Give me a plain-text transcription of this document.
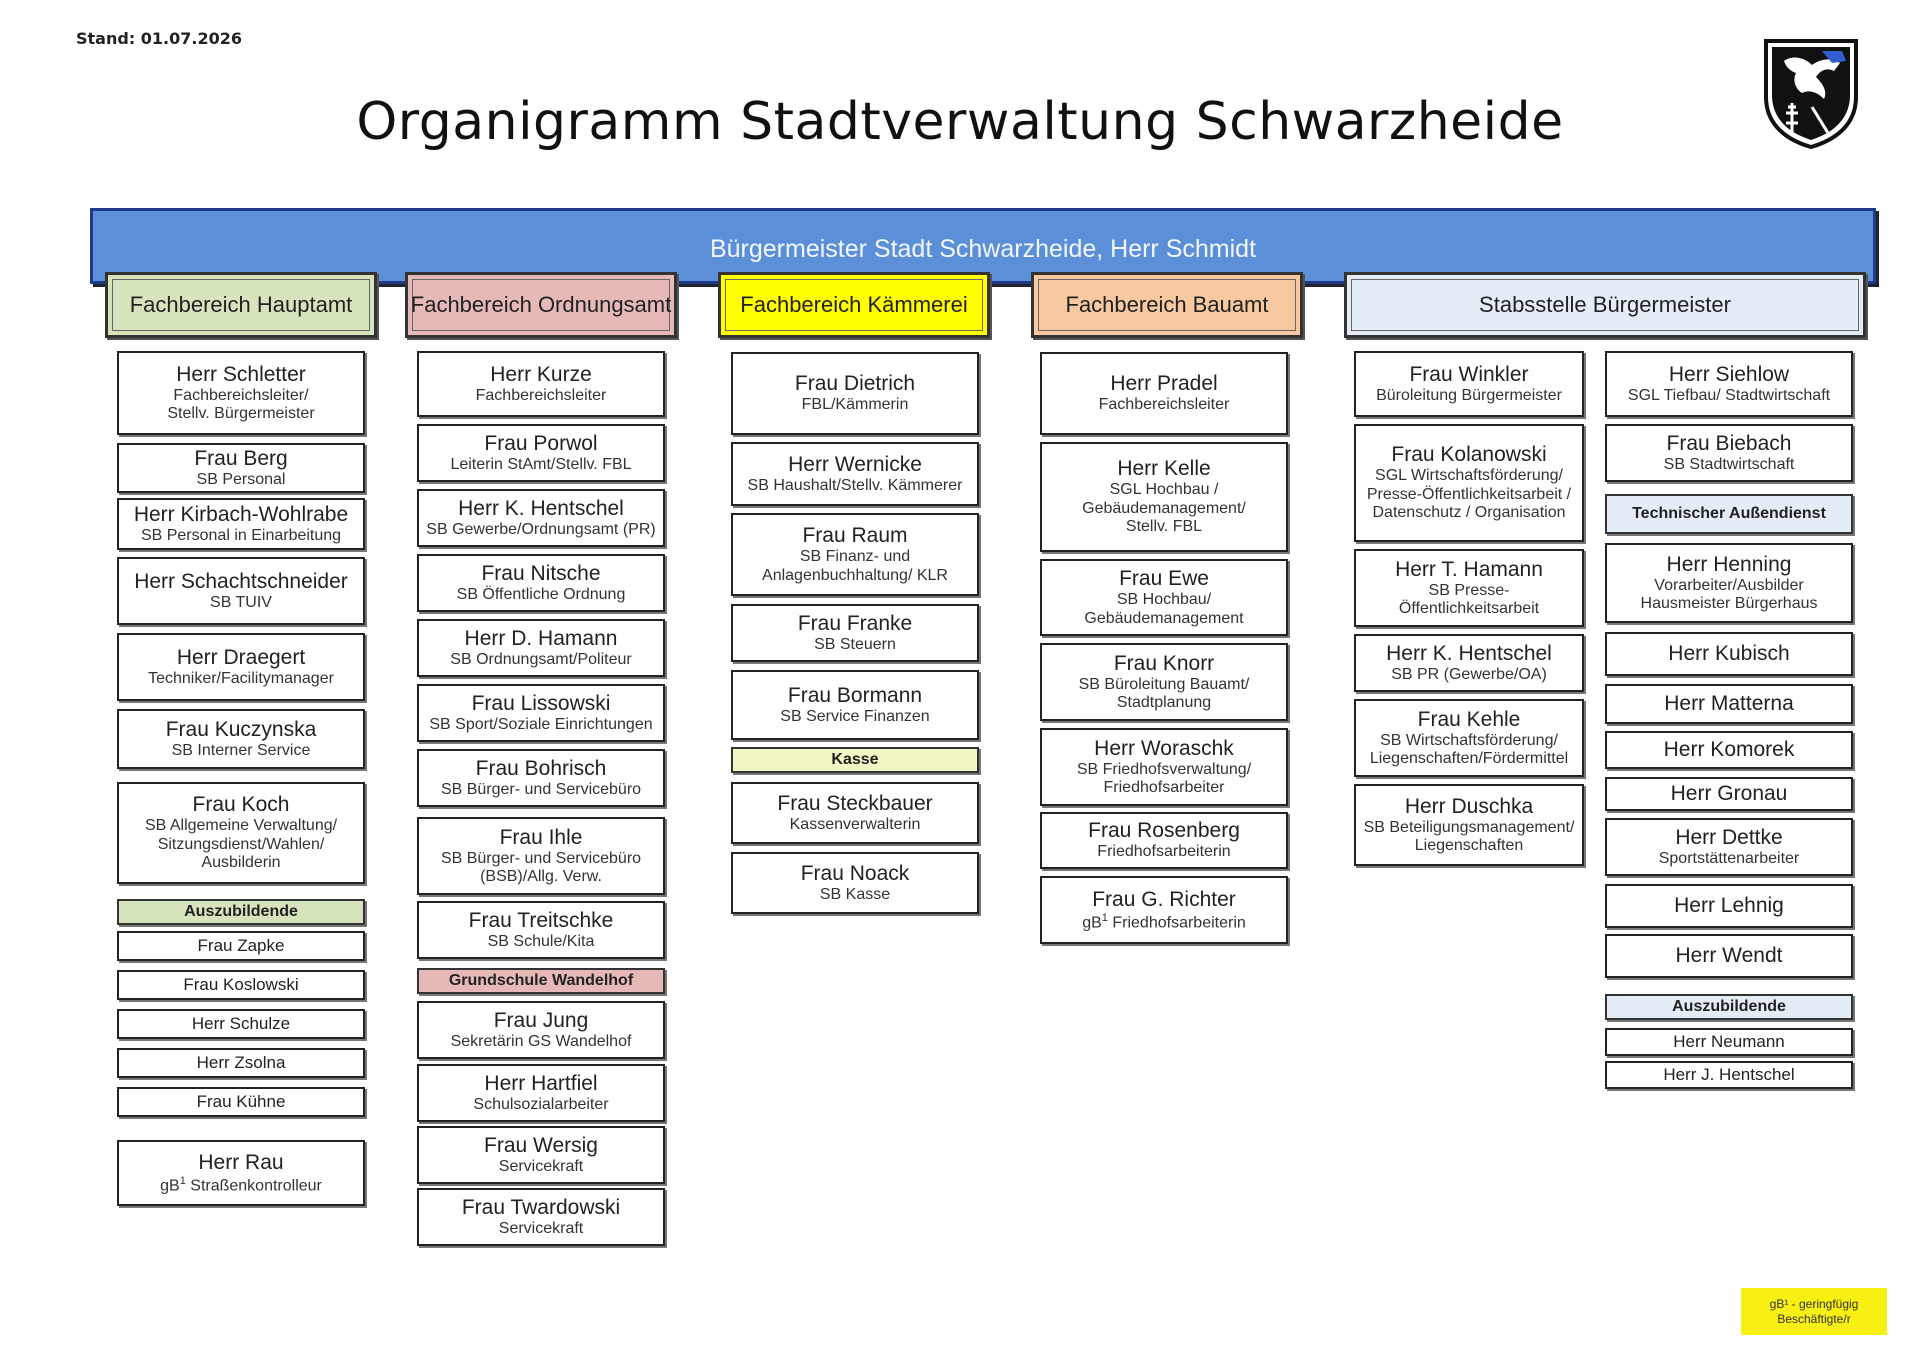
Stand: 01.07.2026
Organigramm Stadtverwaltung Schwarzheide
Bürgermeister Stadt Schwarzheide, Herr Schmidt
Fachbereich Hauptamt	Fachbereich Ordnungsamt	Fachbereich Kämmerei	Fachbereich Bauamt	Stabsstelle Bürgermeister
Herr Schletter
Fachbereichsleiter/
Stellv. Bürgermeister
Frau Berg
SB Personal
Herr Kirbach-Wohlrabe
SB Personal in Einarbeitung
Herr Schachtschneider
SB TUIV
Herr Draegert
Techniker/Facilitymanager
Frau Kuczynska
SB Interner Service
Frau Koch
SB Allgemeine Verwaltung/
Sitzungsdienst/Wahlen/
Ausbilderin
Auszubildende
Frau Zapke
Frau Koslowski
Herr Schulze
Herr Zsolna
Frau Kühne
Herr Rau
$gB^1$ Straßenkontrolleur
Herr Kurze
Fachbereichsleiter
Frau Porwol
Leiterin StAmt/Stellv. FBL
Herr K. Hentschel
SB Gewerbe/Ordnungsamt (PR)
Frau Nitsche
SB Öffentliche Ordnung
Herr D. Hamann
SB Ordnungsamt/Politeur
Frau Lissowski
SB Sport/Soziale Einrichtungen
Frau Bohrisch
SB Bürger- und Servicebüro
Frau Ihle
SB Bürger- und Servicebüro
(BSB)/Allg. Verw.
Frau Treitschke
SB Schule/Kita
Grundschule Wandelhof
Frau Jung
Sekretärin GS Wandelhof
Herr Hartfiel
Schulsozialarbeiter
Frau Wersig
Servicekraft
Frau Twardowski
Servicekraft
Frau Dietrich
FBL/Kämmerin
Herr Wernicke
SB Haushalt/Stellv. Kämmerer
Frau Raum
SB Finanz- und
Anlagenbuchhaltung/ KLR
Frau Franke
SB Steuern
Frau Bormann
SB Service Finanzen
Kasse
Frau Steckbauer
Kassenverwalterin
Frau Noack
SB Kasse
Herr Pradel
Fachbereichsleiter
Herr Kelle
SGL Hochbau /
Gebäudemanagement/
Stellv. FBL
Frau Ewe
SB Hochbau/
Gebäudemanagement
Frau Knorr
SB Büroleitung Bauamt/
Stadtplanung
Herr Woraschk
SB Friedhofsverwaltung/
Friedhofsarbeiter
Frau Rosenberg
Friedhofsarbeiterin
Frau G. Richter
$gB^1$ Friedhofsarbeiterin
Frau Winkler
Büroleitung Bürgermeister
Frau Kolanowski
SGL Wirtschaftsförderung/
Presse-Öffentlichkeitsarbeit /
Datenschutz / Organisation
Herr T. Hamann
SB Presse-
Öffentlichkeitsarbeit
Herr K. Hentschel
SB PR (Gewerbe/OA)
Frau Kehle
SB Wirtschaftsförderung/
Liegenschaften/Fördermittel
Herr Duschka
SB Beteiligungsmanagement/
Liegenschaften
Herr Siehlow
SGL Tiefbau/ Stadtwirtschaft
Frau Biebach
SB Stadtwirtschaft
Technischer Außendienst
Herr Henning
Vorarbeiter/Ausbilder
Hausmeister Bürgerhaus
Herr Kubisch
Herr Matterna
Herr Komorek
Herr Gronau
Herr Dettke
Sportstättenarbeiter
Herr Lehnig
Herr Wendt
Auszubildende
Herr Neumann
Herr J. Hentschel
gB¹ - geringfügig
Beschäftigte/r
